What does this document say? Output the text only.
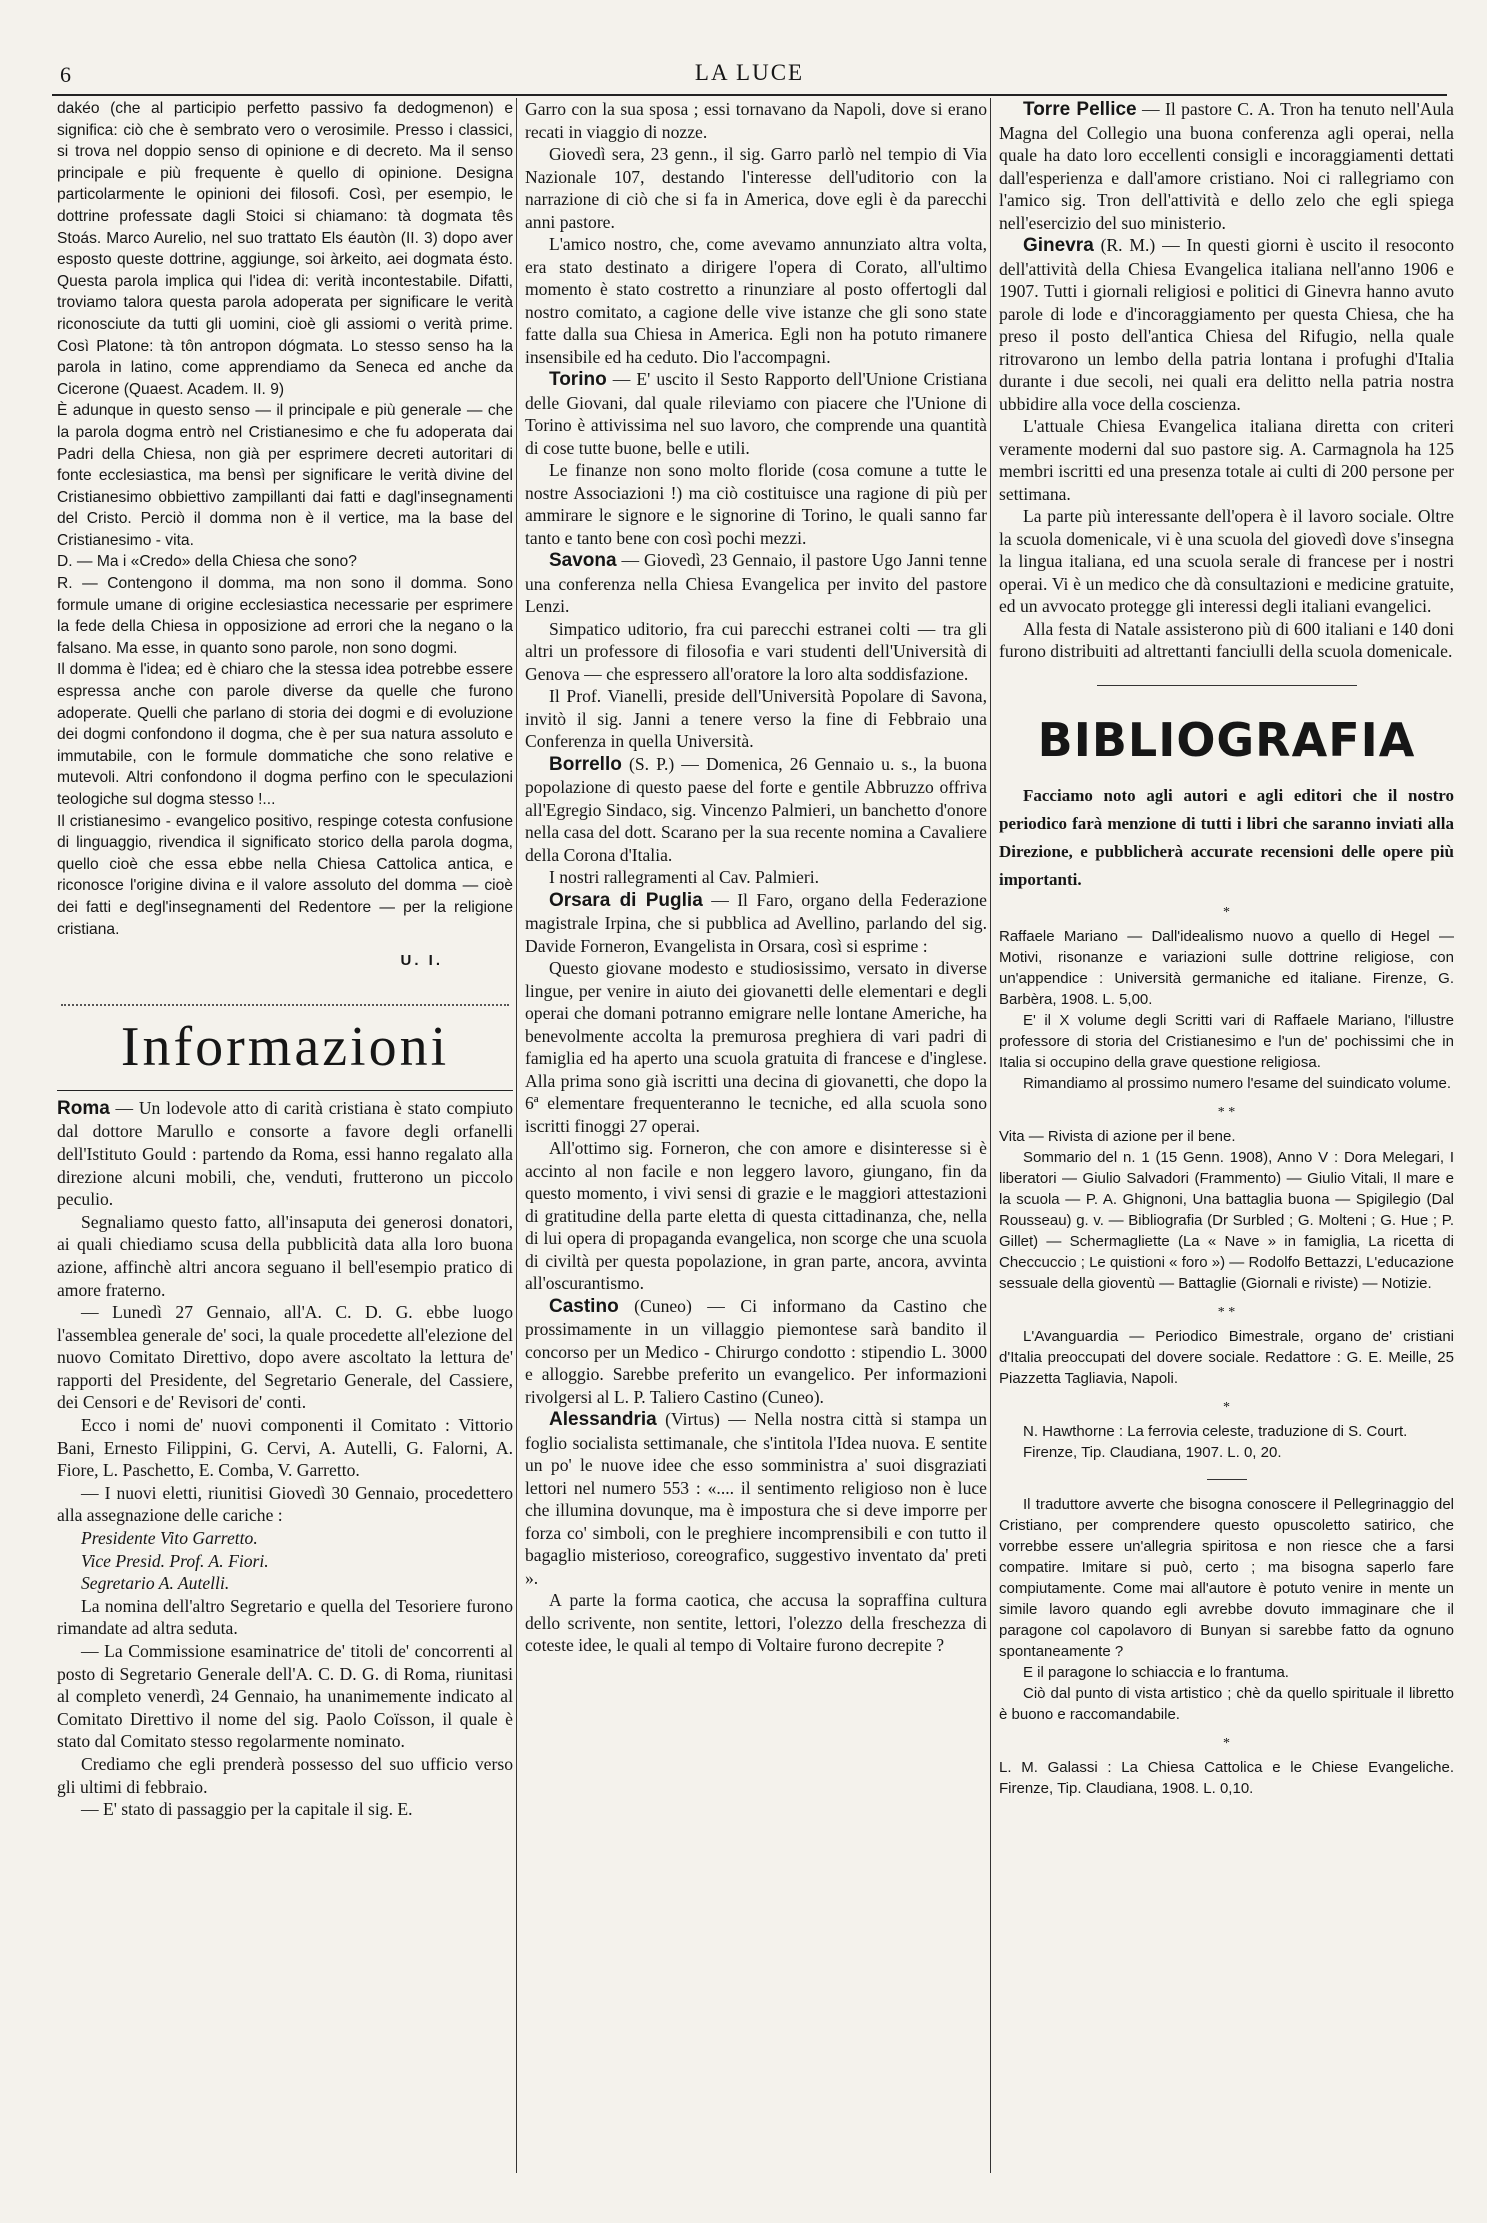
6	LA LUCE

dakéo (che al participio perfetto passivo fa dedogmenon) e significa: ciò che è sembrato vero o verosimile. Presso i classici, si trova nel doppio senso di opinione e di decreto. Ma il senso principale e più frequente è quello di opinione. Designa particolarmente le opinioni dei filosofi. Così, per esempio, le dottrine professate dagli Stoici si chiamano: tà dogmata tês Stoás. Marco Aurelio, nel suo trattato Els éautòn (II. 3) dopo aver esposto queste dottrine, aggiunge, soi àrkeito, aei dogmata ésto. Questa parola implica qui l'idea di: verità incontestabile. Difatti, troviamo talora questa parola adoperata per significare le verità riconosciute da tutti gli uomini, cioè gli assiomi o verità prime. Così Platone: tà tôn antropon dógmata. Lo stesso senso ha la parola in latino, come apprendiamo da Seneca ed anche da Cicerone (Quaest. Academ. II. 9)

È adunque in questo senso — il principale e più generale — che la parola dogma entrò nel Cristianesimo e che fu adoperata dai Padri della Chiesa, non già per esprimere decreti autoritari di fonte ecclesiastica, ma bensì per significare le verità divine del Cristianesimo obbiettivo zampillanti dai fatti e dagl'insegnamenti del Cristo. Perciò il domma non è il vertice, ma la base del Cristianesimo - vita.

D. — Ma i «Credo» della Chiesa che sono?

R. — Contengono il domma, ma non sono il domma. Sono formule umane di origine ecclesiastica necessarie per esprimere la fede della Chiesa in opposizione ad errori che la negano o la falsano. Ma esse, in quanto sono parole, non sono dogmi.

Il domma è l'idea; ed è chiaro che la stessa idea potrebbe essere espressa anche con parole diverse da quelle che furono adoperate. Quelli che parlano di storia dei dogmi e di evoluzione dei dogmi confondono il dogma, che è per sua natura assoluto e immutabile, con le formule dommatiche che sono relative e mutevoli. Altri confondono il dogma perfino con le speculazioni teologiche sul dogma stesso !...

Il cristianesimo - evangelico positivo, respinge cotesta confusione di linguaggio, rivendica il significato storico della parola dogma, quello cioè che essa ebbe nella Chiesa Cattolica antica, e riconosce l'origine divina e il valore assoluto del domma — cioè dei fatti e degl'insegnamenti del Redentore — per la religione cristiana.

U. I.

Informazioni

Roma — Un lodevole atto di carità cristiana è stato compiuto dal dottore Marullo e consorte a favore degli orfanelli dell'Istituto Gould : partendo da Roma, essi hanno regalato alla direzione alcuni mobili, che, venduti, frutterono un piccolo peculio.

Segnaliamo questo fatto, all'insaputa dei generosi donatori, ai quali chiediamo scusa della pubblicità data alla loro buona azione, affinchè altri ancora seguano il bell'esempio pratico di amore fraterno.

— Lunedì 27 Gennaio, all'A. C. D. G. ebbe luogo l'assemblea generale de' soci, la quale procedette all'elezione del nuovo Comitato Direttivo, dopo avere ascoltato la lettura de' rapporti del Presidente, del Segretario Generale, del Cassiere, dei Censori e de' Revisori de' conti.

Ecco i nomi de' nuovi componenti il Comitato : Vittorio Bani, Ernesto Filippini, G. Cervi, A. Autelli, G. Falorni, A. Fiore, L. Paschetto, E. Comba, V. Garretto.

— I nuovi eletti, riunitisi Giovedì 30 Gennaio, procedettero alla assegnazione delle cariche :

Presidente Vito Garretto.

Vice Presid. Prof. A. Fiori.

Segretario A. Autelli.

La nomina dell'altro Segretario e quella del Tesoriere furono rimandate ad altra seduta.

— La Commissione esaminatrice de' titoli de' concorrenti al posto di Segretario Generale dell'A. C. D. G. di Roma, riunitasi al completo venerdì, 24 Gennaio, ha unanimemente indicato al Comitato Direttivo il nome del sig. Paolo Coïsson, il quale è stato dal Comitato stesso regolarmente nominato.

Crediamo che egli prenderà possesso del suo ufficio verso gli ultimi di febbraio.

— E' stato di passaggio per la capitale il sig. E.

Garro con la sua sposa ; essi tornavano da Napoli, dove si erano recati in viaggio di nozze.

Giovedì sera, 23 genn., il sig. Garro parlò nel tempio di Via Nazionale 107, destando l'interesse dell'uditorio con la narrazione di ciò che si fa in America, dove egli è da parecchi anni pastore.

L'amico nostro, che, come avevamo annunziato altra volta, era stato destinato a dirigere l'opera di Corato, all'ultimo momento è stato costretto a rinunziare al posto offertogli dal nostro comitato, a cagione delle vive istanze che gli sono state fatte dalla sua Chiesa in America. Egli non ha potuto rimanere insensibile ed ha ceduto. Dio l'accompagni.

Torino — E' uscito il Sesto Rapporto dell'Unione Cristiana delle Giovani, dal quale rileviamo con piacere che l'Unione di Torino è attivissima nel suo lavoro, che comprende una quantità di cose tutte buone, belle e utili.

Le finanze non sono molto floride (cosa comune a tutte le nostre Associazioni !) ma ciò costituisce una ragione di più per ammirare le signore e le signorine di Torino, le quali sanno far tanto e tanto bene con così pochi mezzi.

Savona — Giovedì, 23 Gennaio, il pastore Ugo Janni tenne una conferenza nella Chiesa Evangelica per invito del pastore Lenzi.

Simpatico uditorio, fra cui parecchi estranei colti — tra gli altri un professore di filosofia e vari studenti dell'Università di Genova — che espressero all'oratore la loro alta soddisfazione.

Il Prof. Vianelli, preside dell'Università Popolare di Savona, invitò il sig. Janni a tenere verso la fine di Febbraio una Conferenza in quella Università.

Borrello (S. P.) — Domenica, 26 Gennaio u. s., la buona popolazione di questo paese del forte e gentile Abbruzzo offriva all'Egregio Sindaco, sig. Vincenzo Palmieri, un banchetto d'onore nella casa del dott. Scarano per la sua recente nomina a Cavaliere della Corona d'Italia.

I nostri rallegramenti al Cav. Palmieri.

Orsara di Puglia — Il Faro, organo della Federazione magistrale Irpina, che si pubblica ad Avellino, parlando del sig. Davide Forneron, Evangelista in Orsara, così si esprime :

Questo giovane modesto e studiosissimo, versato in diverse lingue, per venire in aiuto dei giovanetti delle elementari e degli operai che domani potranno emigrare nelle lontane Americhe, ha benevolmente accolta la premurosa preghiera di vari padri di famiglia ed ha aperto una scuola gratuita di francese e d'inglese. Alla prima sono già iscritti una decina di giovanetti, che dopo la 6ª elementare frequenteranno le tecniche, ed alla scuola sono iscritti finoggi 27 operai.

All'ottimo sig. Forneron, che con amore e disinteresse si è accinto al non facile e non leggero lavoro, giungano, fin da questo momento, i vivi sensi di grazie e le maggiori attestazioni di gratitudine della parte eletta di questa cittadinanza, che, nella di lui opera di propaganda evangelica, non scorge che una scuola di civiltà per questa popolazione, in gran parte, ancora, avvinta all'oscurantismo.

Castino (Cuneo) — Ci informano da Castino che prossimamente in un villaggio piemontese sarà bandito il concorso per un Medico - Chirurgo condotto : stipendio L. 3000 e alloggio. Sarebbe preferito un evangelico. Per informazioni rivolgersi al L. P. Taliero Castino (Cuneo).

Alessandria (Virtus) — Nella nostra città si stampa un foglio socialista settimanale, che s'intitola l'Idea nuova. E sentite un po' le nuove idee che esso somministra a' suoi disgraziati lettori nel numero 553 : «.... il sentimento religioso non è luce che illumina dovunque, ma è impostura che si deve imporre per forza co' simboli, con le preghiere incomprensibili e con tutto il bagaglio misterioso, coreografico, suggestivo inventato da' preti ».

A parte la forma caotica, che accusa la sopraffina cultura dello scrivente, non sentite, lettori, l'olezzo della freschezza di coteste idee, le quali al tempo di Voltaire furono decrepite ?

Torre Pellice — Il pastore C. A. Tron ha tenuto nell'Aula Magna del Collegio una buona conferenza agli operai, nella quale ha dato loro eccellenti consigli e incoraggiamenti dettati dall'esperienza e dall'amore cristiano. Noi ci rallegriamo con l'amico sig. Tron dell'attività e dello zelo che egli spiega nell'esercizio del suo ministerio.

Ginevra (R. M.) — In questi giorni è uscito il resoconto dell'attività della Chiesa Evangelica italiana nell'anno 1906 e 1907. Tutti i giornali religiosi e politici di Ginevra hanno avuto parole di lode e d'incoraggiamento per questa Chiesa, che ha preso il posto dell'antica Chiesa del Rifugio, nella quale ritrovarono un lembo della patria lontana i profughi d'Italia durante i due secoli, nei quali era delitto nella patria nostra ubbidire alla voce della coscienza.

L'attuale Chiesa Evangelica italiana diretta con criteri veramente moderni dal suo pastore sig. A. Carmagnola ha 125 membri iscritti ed una presenza totale ai culti di 200 persone per settimana.

La parte più interessante dell'opera è il lavoro sociale. Oltre la scuola domenicale, vi è una scuola del giovedì dove s'insegna la lingua italiana, ed una scuola serale di francese per i nostri operai. Vi è un medico che dà consultazioni e medicine gratuite, ed un avvocato protegge gli interessi degli italiani evangelici.

Alla festa di Natale assisterono più di 600 italiani e 140 doni furono distribuiti ad altrettanti fanciulli della scuola domenicale.

BIBLIOGRAFIA

Facciamo noto agli autori e agli editori che il nostro periodico farà menzione di tutti i libri che saranno inviati alla Direzione, e pubblicherà accurate recensioni delle opere più importanti.

*

Raffaele Mariano — Dall'idealismo nuovo a quello di Hegel — Motivi, risonanze e variazioni sulle dottrine religiose, con un'appendice : Università germaniche ed italiane. Firenze, G. Barbèra, 1908. L. 5,00.

E' il X volume degli Scritti vari di Raffaele Mariano, l'illustre professore di storia del Cristianesimo e l'un de' pochissimi che in Italia si occupino della grave questione religiosa.

Rimandiamo al prossimo numero l'esame del suindicato volume.

* *

Vita — Rivista di azione per il bene.

Sommario del n. 1 (15 Genn. 1908), Anno V : Dora Melegari, I liberatori — Giulio Salvadori (Frammento) — Giulio Vitali, Il mare e la scuola — P. A. Ghignoni, Una battaglia buona — Spigilegio (Dal Rousseau) g. v. — Bibliografia (Dr Surbled ; G. Molteni ; G. Hue ; P. Gillet) — Schermagliette (La « Nave » in famiglia, La ricetta di Checcuccio ; Le quistioni « foro ») — Rodolfo Bettazzi, L'educazione sessuale della gioventù — Battaglie (Giornali e riviste) — Notizie.

* *

L'Avanguardia — Periodico Bimestrale, organo de' cristiani d'Italia preoccupati del dovere sociale. Redattore : G. E. Meille, 25 Piazzetta Tagliavia, Napoli.

*

N. Hawthorne : La ferrovia celeste, traduzione di S. Court.

Firenze, Tip. Claudiana, 1907. L. 0, 20.

Il traduttore avverte che bisogna conoscere il Pellegrinaggio del Cristiano, per comprendere questo opuscoletto satirico, che vorrebbe essere un'allegria spiritosa e non riesce che a farsi compatire. Imitare si può, certo ; ma bisogna saperlo fare compiutamente. Come mai all'autore è potuto venire in mente un simile lavoro quando egli avrebbe dovuto immaginare che il paragone col capolavoro di Bunyan si sarebbe fatto da ognuno spontaneamente ?

E il paragone lo schiaccia e lo frantuma.

Ciò dal punto di vista artistico ; chè da quello spirituale il libretto è buono e raccomandabile.

*

L. M. Galassi : La Chiesa Cattolica e le Chiese Evangeliche. Firenze, Tip. Claudiana, 1908. L. 0,10.
